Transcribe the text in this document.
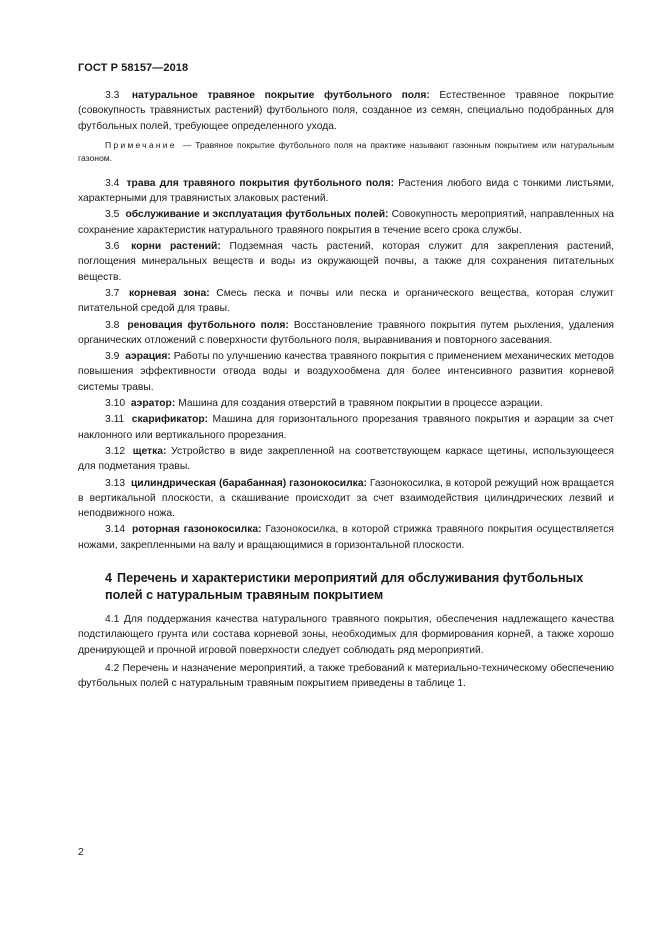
ГОСТ Р 58157—2018

3.3 натуральное травяное покрытие футбольного поля: Естественное травяное покрытие (совокупность травянистых растений) футбольного поля, созданное из семян, специально подобранных для футбольных полей, требующее определенного ухода.

Примечание — Травяное покрытие футбольного поля на практике называют газонным покрытием или натуральным газоном.

3.4 трава для травяного покрытия футбольного поля: Растения любого вида с тонкими листьями, характерными для травянистых злаковых растений.

3.5 обслуживание и эксплуатация футбольных полей: Совокупность мероприятий, направленных на сохранение характеристик натурального травяного покрытия в течение всего срока службы.

3.6 корни растений: Подземная часть растений, которая служит для закрепления растений, поглощения минеральных веществ и воды из окружающей почвы, а также для сохранения питательных веществ.

3.7 корневая зона: Смесь песка и почвы или песка и органического вещества, которая служит питательной средой для травы.

3.8 реновация футбольного поля: Восстановление травяного покрытия путем рыхления, удаления органических отложений с поверхности футбольного поля, выравнивания и повторного засевания.

3.9 аэрация: Работы по улучшению качества травяного покрытия с применением механических методов повышения эффективности отвода воды и воздухообмена для более интенсивного развития корневой системы травы.

3.10 аэратор: Машина для создания отверстий в травяном покрытии в процессе аэрации.

3.11 скарификатор: Машина для горизонтального прорезания травяного покрытия и аэрации за счет наклонного или вертикального прорезания.

3.12 щетка: Устройство в виде закрепленной на соответствующем каркасе щетины, использующееся для подметания травы.

3.13 цилиндрическая (барабанная) газонокосилка: Газонокосилка, в которой режущий нож вращается в вертикальной плоскости, а скашивание происходит за счет взаимодействия цилиндрических лезвий и неподвижного ножа.

3.14 роторная газонокосилка: Газонокосилка, в которой стрижка травяного покрытия осуществляется ножами, закрепленными на валу и вращающимися в горизонтальной плоскости.

4 Перечень и характеристики мероприятий для обслуживания футбольных полей с натуральным травяным покрытием

4.1 Для поддержания качества натурального травяного покрытия, обеспечения надлежащего качества подстилающего грунта или состава корневой зоны, необходимых для формирования корней, а также хорошо дренирующей и прочной игровой поверхности следует соблюдать ряд мероприятий.

4.2 Перечень и назначение мероприятий, а также требований к материально-техническому обеспечению футбольных полей с натуральным травяным покрытием приведены в таблице 1.

2
